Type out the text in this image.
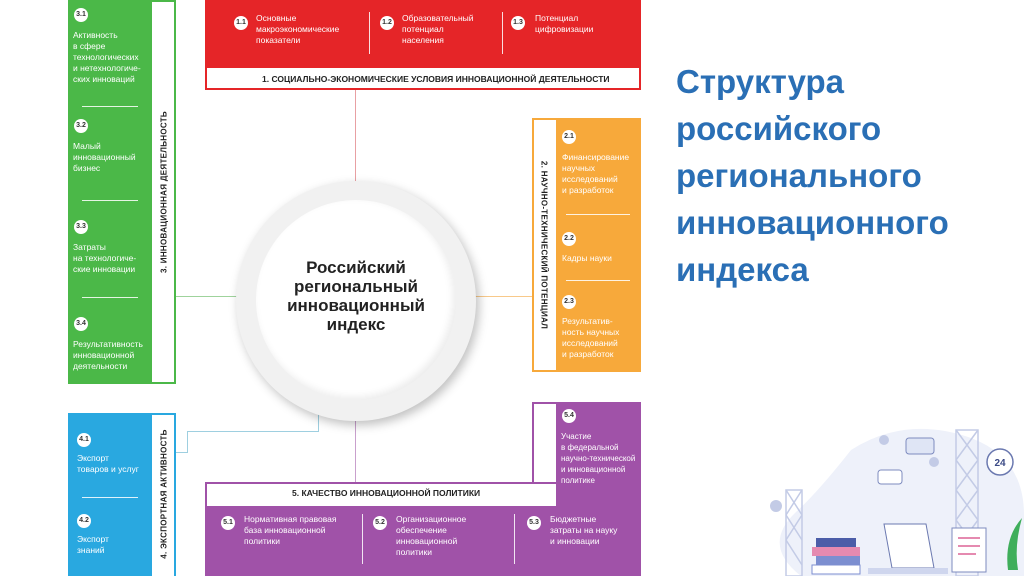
1. СОЦИАЛЬНО-ЭКОНОМИЧЕСКИЕ УСЛОВИЯ ИННОВАЦИОННОЙ ДЕЯТЕЛЬНОСТИ
1.1 Основные
макроэкономические
показатели
1.2 Образовательный
потенциал
населения
1.3 Потенциал
цифровизации
3. ИННОВАЦИОННАЯ ДЕЯТЕЛЬНОСТЬ
3.1
Активность
в сфере
технологических
и нетехнологиче-
ских инноваций
3.2
Малый
инновационный
бизнес
3.3
Затраты
на технологиче-
ские инновации
3.4
Результативность
инновационной
деятельности
2. НАУЧНО-ТЕХНИЧЕСКИЙ ПОТЕНЦИАЛ
2.1
Финансирование
научных
исследований
и разработок
2.2
Кадры науки
2.3
Результатив-
ность научных
исследований
и разработок
4. ЭКСПОРТНАЯ АКТИВНОСТЬ
4.1
Экспорт
товаров и услуг
4.2
Экспорт
знаний
5. КАЧЕСТВО ИННОВАЦИОННОЙ ПОЛИТИКИ
5.1 Нормативная правовая
база инновационной
политики
5.2 Организационное
обеспечение
инновационной
политики
5.3 Бюджетные
затраты на науку
и инновации
5.4
Участие
в федеральной
научно-технической
и инновационной
политике
Российский
региональный
инновационный
индекс
Структура
российского
регионального
инновационного
индекса
24
